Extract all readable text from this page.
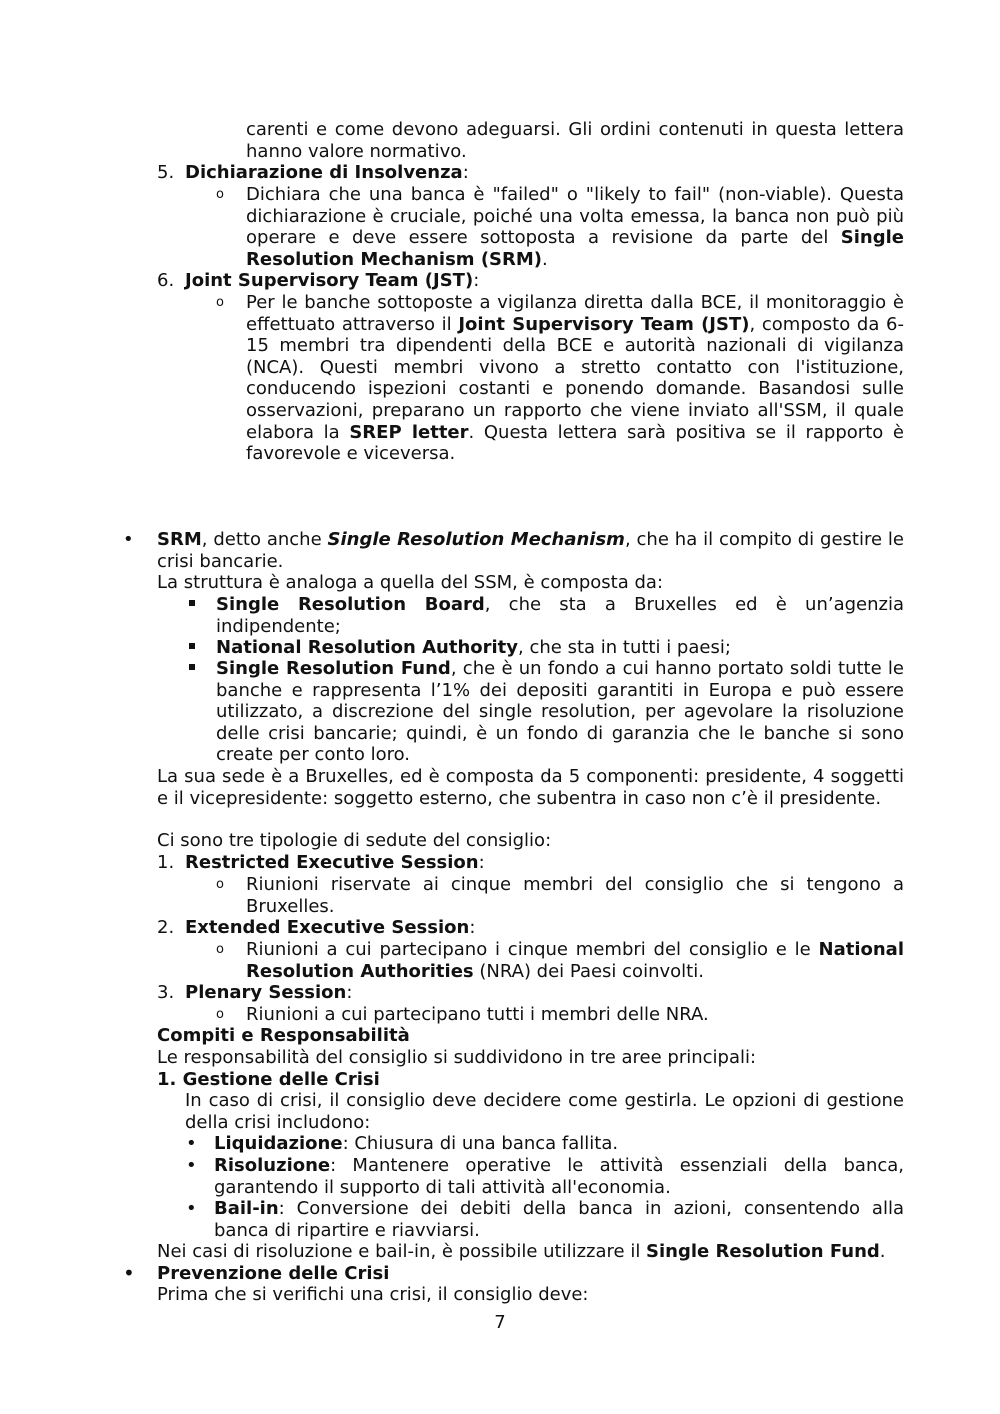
carenti e come devono adeguarsi. Gli ordini contenuti in questa lettera hanno valore normativo.
5. Dichiarazione di Insolvenza:
o Dichiara che una banca è "failed" o "likely to fail" (non-viable). Questa dichiarazione è cruciale, poiché una volta emessa, la banca non può più operare e deve essere sottoposta a revisione da parte del Single Resolution Mechanism (SRM).
6. Joint Supervisory Team (JST):
o Per le banche sottoposte a vigilanza diretta dalla BCE, il monitoraggio è effettuato attraverso il Joint Supervisory Team (JST), composto da 6-15 membri tra dipendenti della BCE e autorità nazionali di vigilanza (NCA). Questi membri vivono a stretto contatto con l'istituzione, conducendo ispezioni costanti e ponendo domande. Basandosi sulle osservazioni, preparano un rapporto che viene inviato all'SSM, il quale elabora la SREP letter. Questa lettera sarà positiva se il rapporto è favorevole e viceversa.
• SRM, detto anche Single Resolution Mechanism, che ha il compito di gestire le crisi bancarie.
La struttura è analoga a quella del SSM, è composta da:
Single Resolution Board, che sta a Bruxelles ed è un’agenzia indipendente;
National Resolution Authority, che sta in tutti i paesi;
Single Resolution Fund, che è un fondo a cui hanno portato soldi tutte le banche e rappresenta l’1% dei depositi garantiti in Europa e può essere utilizzato, a discrezione del single resolution, per agevolare la risoluzione delle crisi bancarie; quindi, è un fondo di garanzia che le banche si sono create per conto loro.
La sua sede è a Bruxelles, ed è composta da 5 componenti: presidente, 4 soggetti e il vicepresidente: soggetto esterno, che subentra in caso non c’è il presidente.
Ci sono tre tipologie di sedute del consiglio:
1. Restricted Executive Session:
o Riunioni riservate ai cinque membri del consiglio che si tengono a Bruxelles.
2. Extended Executive Session:
o Riunioni a cui partecipano i cinque membri del consiglio e le National Resolution Authorities (NRA) dei Paesi coinvolti.
3. Plenary Session:
o Riunioni a cui partecipano tutti i membri delle NRA.
Compiti e Responsabilità
Le responsabilità del consiglio si suddividono in tre aree principali:
1. Gestione delle Crisi
In caso di crisi, il consiglio deve decidere come gestirla. Le opzioni di gestione della crisi includono:
• Liquidazione: Chiusura di una banca fallita.
• Risoluzione: Mantenere operative le attività essenziali della banca, garantendo il supporto di tali attività all'economia.
• Bail-in: Conversione dei debiti della banca in azioni, consentendo alla banca di ripartire e riavviarsi.
Nei casi di risoluzione e bail-in, è possibile utilizzare il Single Resolution Fund.
• Prevenzione delle Crisi
Prima che si verifichi una crisi, il consiglio deve:
7
